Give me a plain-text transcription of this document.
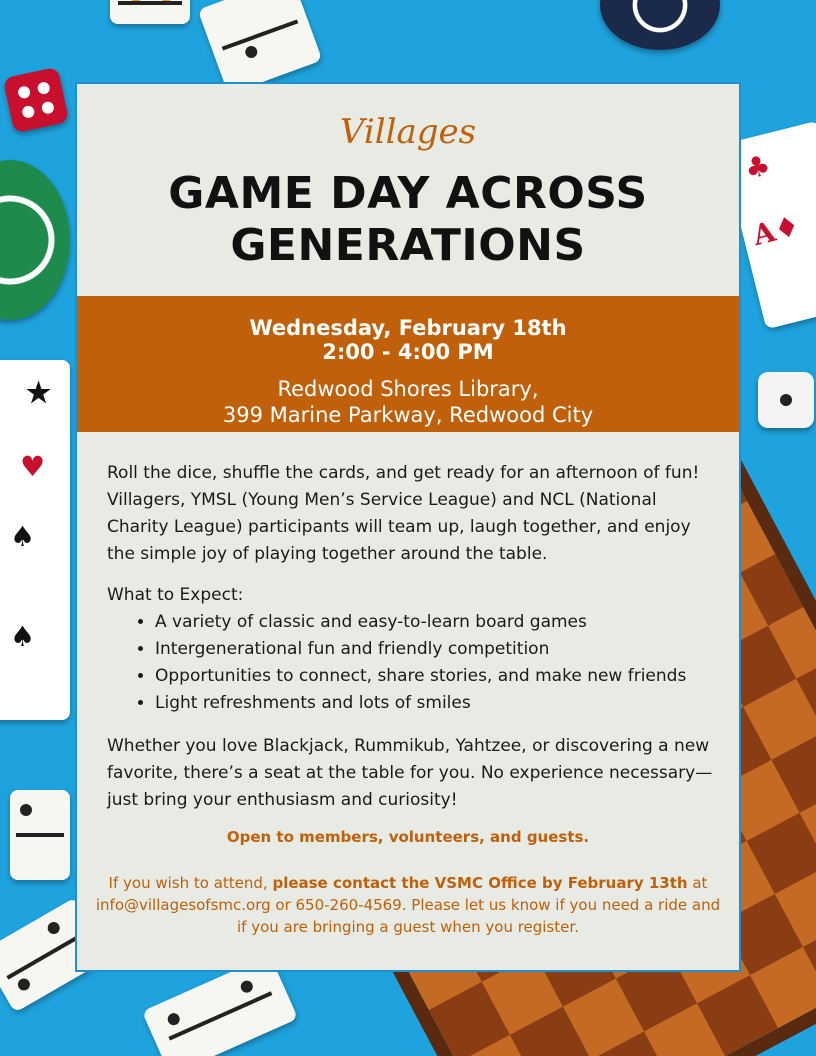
★
♥
♠
♠
♣
A♦
Villages
GAME DAY ACROSS
GENERATIONS
Wednesday, February 18th
2:00 - 4:00 PM
Redwood Shores Library,
399 Marine Parkway, Redwood City

Roll the dice, shuffle the cards, and get ready for an afternoon of fun! Villagers, YMSL (Young Men’s Service League) and NCL (National Charity League) participants will team up, laugh together, and enjoy the simple joy of playing together around the table.

What to Expect:

• A variety of classic and easy-to-learn board games
• Intergenerational fun and friendly competition
• Opportunities to connect, share stories, and make new friends
• Light refreshments and lots of smiles

Whether you love Blackjack, Rummikub, Yahtzee, or discovering a new favorite, there’s a seat at the table for you. No experience necessary—just bring your enthusiasm and curiosity!

Open to members, volunteers, and guests.
If you wish to attend, please contact the VSMC Office by February 13th at info@villagesofsmc.org or 650-260-4569. Please let us know if you need a ride and if you are bringing a guest when you register.
